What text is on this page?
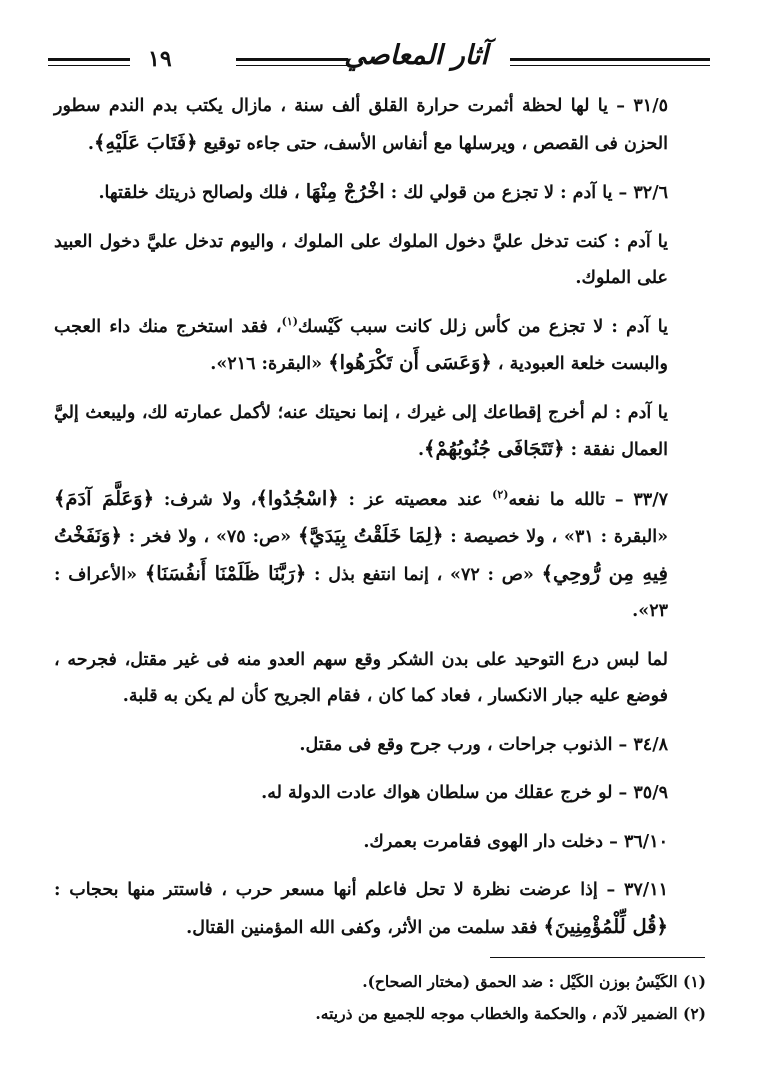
آثار المعاصي
١٩

٣١/٥ – يا لها لحظة أثمرت حرارة القلق ألف سنة ، مازال يكتب بدم الندم سطور الحزن فى القصص ، ويرسلها مع أنفاس الأسف، حتى جاءه توقيع ﴿فَتَابَ عَلَيْهِ﴾.

٣٢/٦ – يا آدم : لا تجزع من قولي لك : اخْرُجْ مِنْهَا ، فلك ولصالح ذريتك خلقتها.

يا آدم : كنت تدخل عليَّ دخول الملوك على الملوك ، واليوم تدخل عليَّ دخول العبيد على الملوك.

يا آدم : لا تجزع من كأس زلل كانت سبب كَيْسك$^{(١)}$، فقد استخرج منك داء العجب والبست خلعة العبودية ، ﴿وَعَسَى أَن تَكْرَهُوا﴾ «البقرة: ٢١٦».

يا آدم : لم أخرج إقطاعك إلى غيرك ، إنما نحيتك عنه؛ لأكمل عمارته لك، وليبعث إليَّ العمال نفقة : ﴿تَتَجَافَى جُنُوبُهُمْ﴾.

٣٣/٧ – تالله ما نفعه$^{(٢)}$ عند معصيته عز : ﴿اسْجُدُوا﴾، ولا شرف: ﴿وَعَلَّمَ آدَمَ﴾ «البقرة : ٣١» ، ولا خصيصة : ﴿لِمَا خَلَقْتُ بِيَدَيَّ﴾ «ص: ٧٥» ، ولا فخر : ﴿وَنَفَخْتُ فِيهِ مِن رُّوحِي﴾ «ص : ٧٢» ، إنما انتفع بذل : ﴿رَبَّنَا ظَلَمْنَا أَنفُسَنَا﴾ «الأعراف : ٢٣».

لما لبس درع التوحيد على بدن الشكر وقع سهم العدو منه فى غير مقتل، فجرحه ، فوضع عليه جبار الانكسار ، فعاد كما كان ، فقام الجريح كأن لم يكن به قلبة.

٣٤/٨ – الذنوب جراحات ، ورب جرح وقع فى مقتل.

٣٥/٩ – لو خرج عقلك من سلطان هواك عادت الدولة له.

٣٦/١٠ – دخلت دار الهوى فقامرت بعمرك.

٣٧/١١ – إذا عرضت نظرة لا تحل فاعلم أنها مسعر حرب ، فاستتر منها بحجاب : ﴿قُل لِّلْمُؤْمِنِينَ﴾ فقد سلمت من الأثر، وكفى الله المؤمنين القتال.

(١) الكَيْسُ بوزن الكَيْل : ضد الحمق (مختار الصحاح).

(٢) الضمير لآدم ، والحكمة والخطاب موجه للجميع من ذريته.
